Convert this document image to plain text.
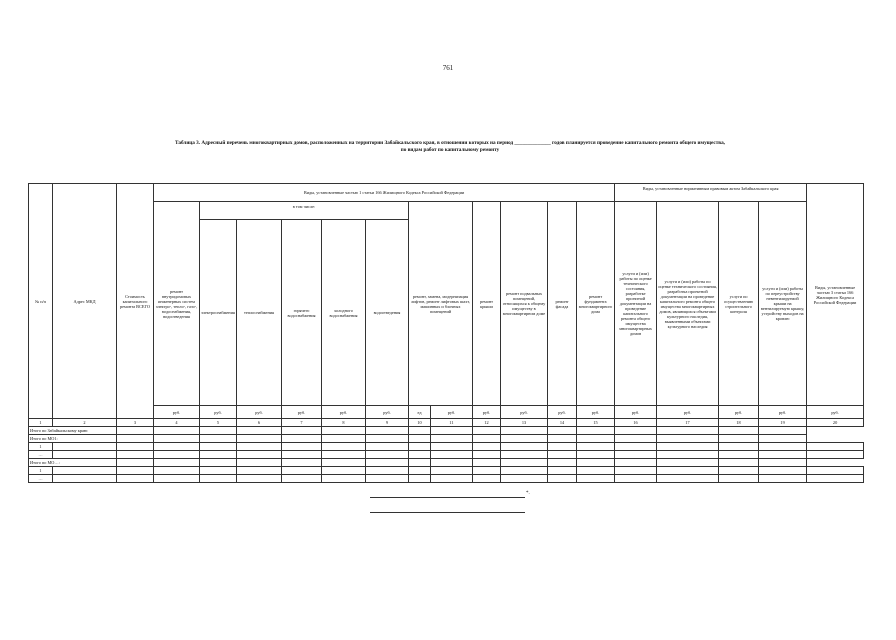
761
Таблица 3. Адресный перечень многоквартирных домов, расположенных на территории Забайкальского края, в отношении которых на период ______________ годов планируется проведение капитального ремонта общего имущества,
по видам работ по капитальному ремонту
№ п/п	Адрес МКД	Стоимость капитального ремонта ВСЕГО	Виды, установленные частью 1 статьи 166 Жилищного Кодекса Российской Федерации												Виды, установленные нормативным правовым актом Забайкальского края				Виды, установленные частью 3 статьи 166 Жилищного Кодекса Российской Федерации
			ремонт внутридомовых инженерных систем электро-, тепло-, газо-, водоснабжения, водоотведения	в том числе:					ремонт, замена, модернизация лифтов, ремонт лифтовых шахт, машинных и блочных помещений		ремонт крыши	ремонт подвальных помещений, относящихся к общему имуществу в многоквартирном доме	ремонт фасада	ремонт фундамента многоквартирного дома	услуги и (или) работы по оценке технического состояния, разработке проектной документации на проведение капитального ремонта общего имущества многоквартирных домов	услуги и (или) работы по оценке технического состояния, разработка проектной документации на проведение капитального ремонта общего имущества многоквартирных домов, являющихся объектами культурного наследия, выявленными объектами культурного наследия	услуги по осуществлению строительного контроля	услуги и (или) работы по переустройству невентилируемой крыши на вентилируемую крышу, устройству выходов на кровлю	
				электроснабжения	теплоснабжения	горячего водоснабжения	холодного водоснабжения	водоотведения											
			руб.	руб.	руб.	руб.	руб.	руб.	ед	руб.	руб.	руб.	руб.	руб.	руб.	руб.	руб.	руб.	руб.
1	2	3	4	5	6	7	8	9	10	11	12	13	14	15	16	17	18	19	20
Итого по Забайкальскому краю:																			
Итого по МО1:																			
1																			
…																			
Итого по МО…:																			
1																			
…																			
*.
